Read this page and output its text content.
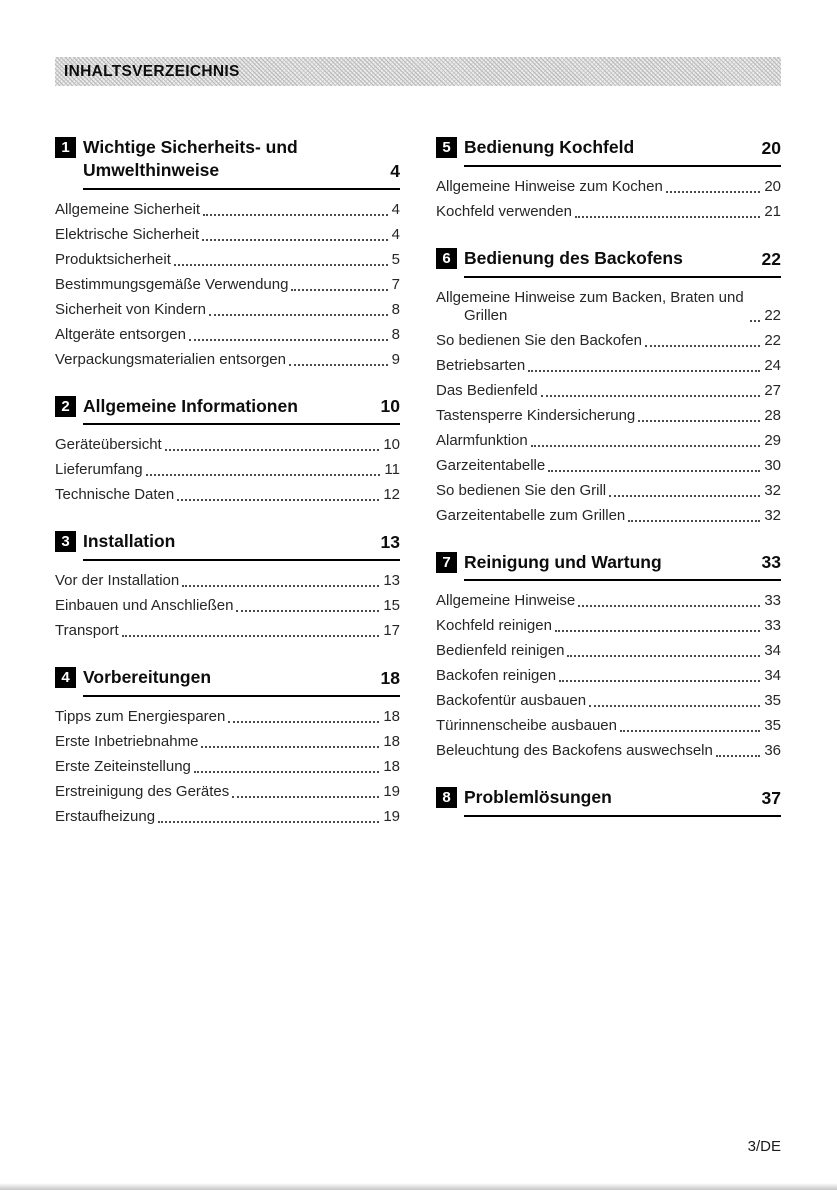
INHALTSVERZEICHNIS
1 Wichtige Sicherheits- und Umwelthinweise	4
Allgemeine Sicherheit	4
Elektrische Sicherheit	4
Produktsicherheit	5
Bestimmungsgemäße Verwendung	7
Sicherheit von Kindern	8
Altgeräte entsorgen	8
Verpackungsmaterialien entsorgen	9
2 Allgemeine Informationen	10
Geräteübersicht	10
Lieferumfang	11
Technische Daten	12
3 Installation	13
Vor der Installation	13
Einbauen und Anschließen	15
Transport	17
4 Vorbereitungen	18
Tipps zum Energiesparen	18
Erste Inbetriebnahme	18
Erste Zeiteinstellung	18
Erstreinigung des Gerätes	19
Erstaufheizung	19
5 Bedienung Kochfeld	20
Allgemeine Hinweise zum Kochen	20
Kochfeld verwenden	21
6 Bedienung des Backofens	22
Allgemeine Hinweise zum Backen, Braten und Grillen	22
So bedienen Sie den Backofen	22
Betriebsarten	24
Das Bedienfeld	27
Tastensperre Kindersicherung	28
Alarmfunktion	29
Garzeitentabelle	30
So bedienen Sie den Grill	32
Garzeitentabelle zum Grillen	32
7 Reinigung und Wartung	33
Allgemeine Hinweise	33
Kochfeld reinigen	33
Bedienfeld reinigen	34
Backofen reinigen	34
Backofentür ausbauen	35
Türinnenscheibe ausbauen	35
Beleuchtung des Backofens auswechseln	36
8 Problemlösungen	37
3/DE
